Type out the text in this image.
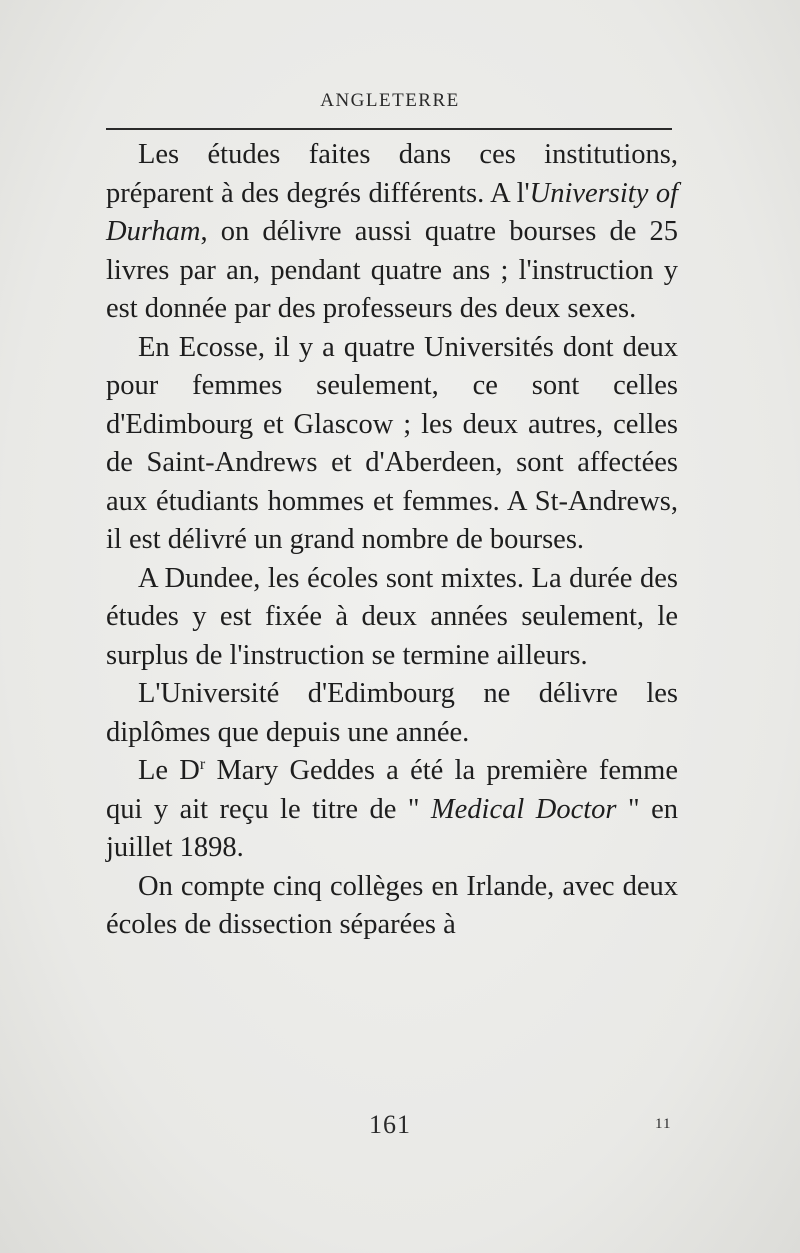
ANGLETERRE

Les études faites dans ces institutions, préparent à des degrés différents. A l'University of Durham, on délivre aussi quatre bourses de 25 livres par an, pendant quatre ans ; l'instruction y est donnée par des professeurs des deux sexes.

En Ecosse, il y a quatre Universités dont deux pour femmes seulement, ce sont celles d'Edimbourg et Glascow ; les deux autres, celles de Saint-Andrews et d'Aberdeen, sont affectées aux étudiants hommes et femmes. A St-Andrews, il est délivré un grand nombre de bourses.

A Dundee, les écoles sont mixtes. La durée des études y est fixée à deux années seulement, le surplus de l'instruction se termine ailleurs.

L'Université d'Edimbourg ne délivre les diplômes que depuis une année.

Le $D^r$ Mary Geddes a été la première femme qui y ait reçu le titre de " Medical Doctor " en juillet 1898.

On compte cinq collèges en Irlande, avec deux écoles de dissection séparées à

161	11
